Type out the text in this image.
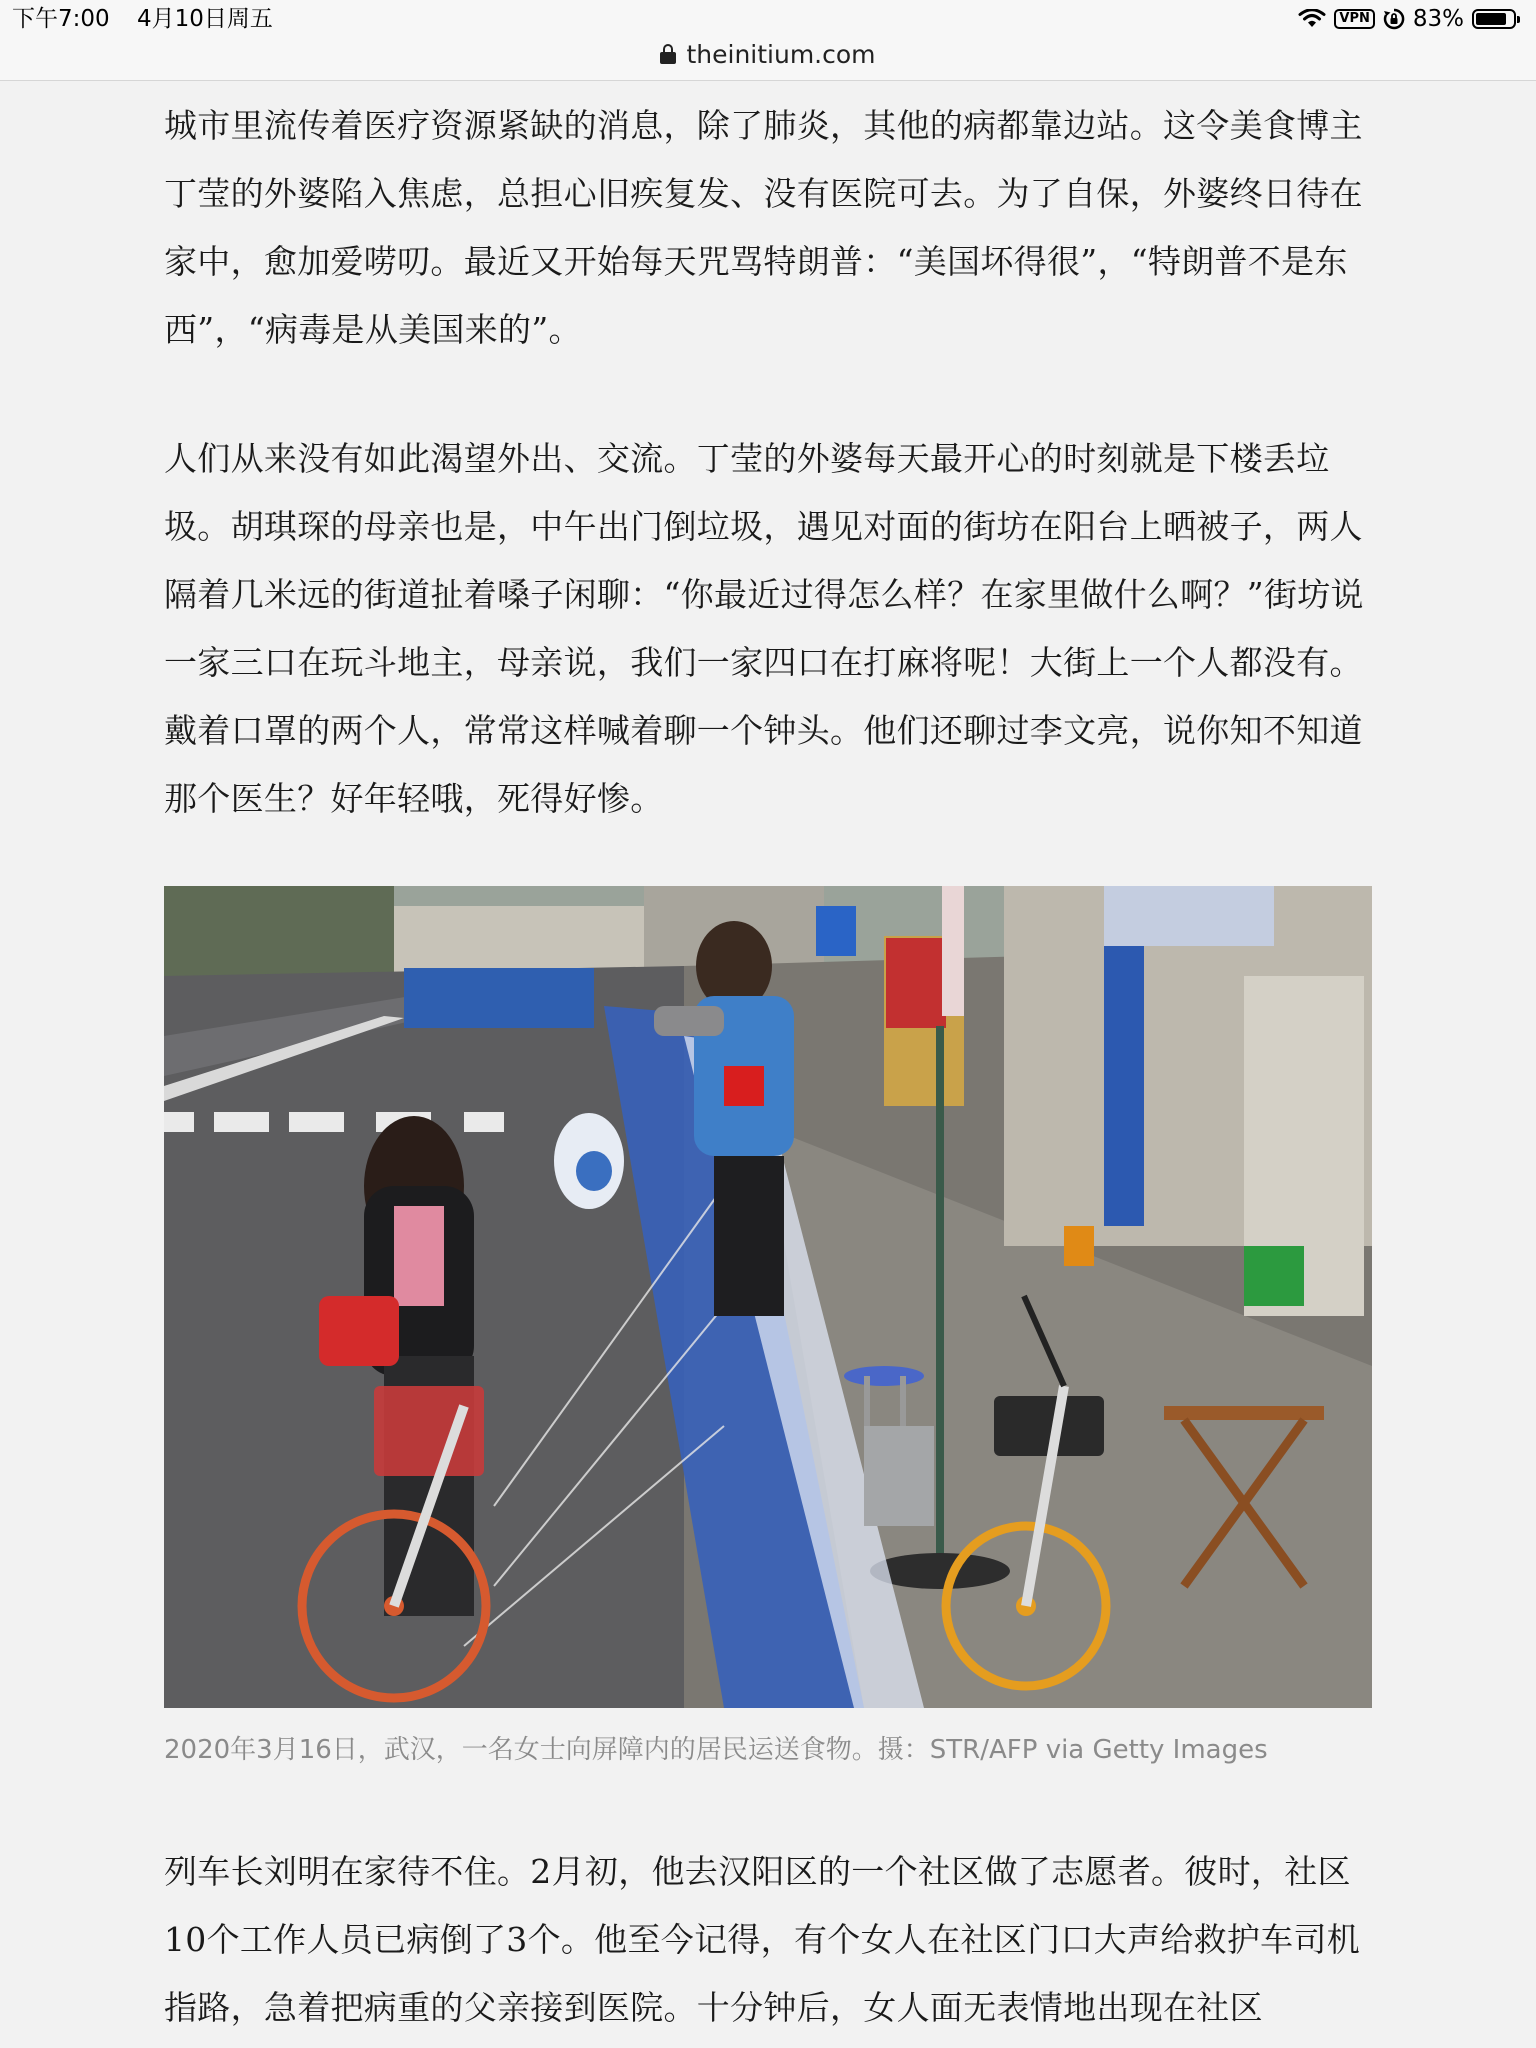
下午7:00 4月10日周五	VPN 83%
theinitium.com

城市里流传着医疗资源紧缺的消息，除了肺炎，其他的病都靠边站。这令美食博主丁莹的外婆陷入焦虑，总担心旧疾复发、没有医院可去。为了自保，外婆终日待在家中，愈加爱唠叨。最近又开始每天咒骂特朗普：“美国坏得很”，“特朗普不是东西”，“病毒是从美国来的”。

人们从来没有如此渴望外出、交流。丁莹的外婆每天最开心的时刻就是下楼丢垃圾。胡琪琛的母亲也是，中午出门倒垃圾，遇见对面的街坊在阳台上晒被子，两人隔着几米远的街道扯着嗓子闲聊：“你最近过得怎么样？在家里做什么啊？”街坊说一家三口在玩斗地主，母亲说，我们一家四口在打麻将呢！大街上一个人都没有。戴着口罩的两个人，常常这样喊着聊一个钟头。他们还聊过李文亮，说你知不知道那个医生？好年轻哦，死得好惨。

列车长刘明在家待不住。2月初，他去汉阳区的一个社区做了志愿者。彼时，社区10个工作人员已病倒了3个。他至今记得，有个女人在社区门口大声给救护车司机指路，急着把病重的父亲接到医院。十分钟后，女人面无表情地出现在社区

2020年3月16日，武汉，一名女士向屏障内的居民运送食物。摄：STR/AFP via Getty Images
